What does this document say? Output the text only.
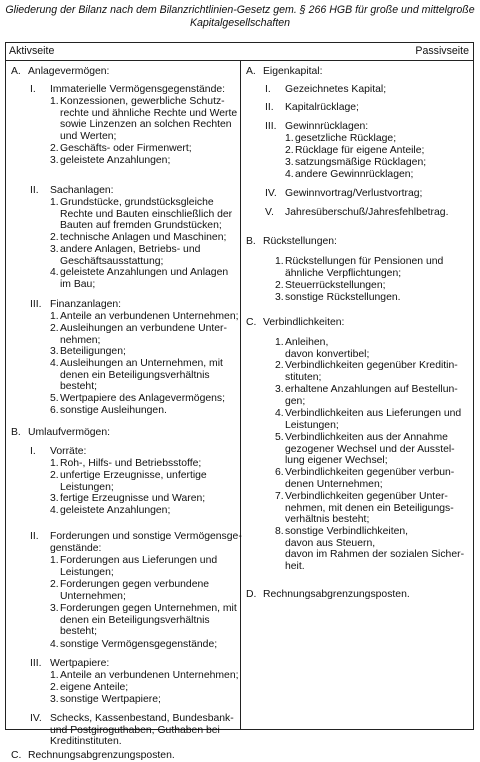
Gliederung der Bilanz nach dem Bilanzrichtlinien-Gesetz gem. § 266 HGB für große und mittelgroße
Kapitalgesellschaften
Aktivseite	Passivseite
A. Anlagevermögen:
I.	Immaterielle Vermögensgegenstände:
1. Konzessionen, gewerbliche Schutz-
rechte und ähnliche Rechte und Werte
sowie Linzenzen an solchen Rechten
und Werten;
2. Geschäfts- oder Firmenwert;
3. geleistete Anzahlungen;
II.	Sachanlagen:
1. Grundstücke, grundstücksgleiche
Rechte und Bauten einschließlich der
Bauten auf fremden Grundstücken;
2. technische Anlagen und Maschinen;
3. andere Anlagen, Betriebs- und
Geschäftsausstattung;
4. geleistete Anzahlungen und Anlagen
im Bau;
III. Finanzanlagen:
1. Anteile an verbundenen Unternehmen;
2. Ausleihungen an verbundene Unter-
nehmen;
3. Beteiligungen;
4. Ausleihungen an Unternehmen, mit
denen ein Beteiligungsverhältnis
besteht;
5. Wertpapiere des Anlagevermögens;
6. sonstige Ausleihungen.
B. Umlaufvermögen:
I.	Vorräte:
1. Roh-, Hilfs- und Betriebsstoffe;
2. unfertige Erzeugnisse, unfertige
Leistungen;
3. fertige Erzeugnisse und Waren;
4. geleistete Anzahlungen;
II.	Forderungen und sonstige Vermögensge-
genstände:
1. Forderungen aus Lieferungen und
Leistungen;
2. Forderungen gegen verbundene
Unternehmen;
3. Forderungen gegen Unternehmen, mit
denen ein Beteiligungsverhältnis
besteht;
4. sonstige Vermögensgegenstände;
III. Wertpapiere:
1. Anteile an verbundenen Unternehmen;
2. eigene Anteile;
3. sonstige Wertpapiere;
IV. Schecks, Kassenbestand, Bundesbank-
und Postgiroguthaben, Guthaben bei
Kreditinstituten.
C. Rechnungsabgrenzungsposten.
A. Eigenkapital:
I.	Gezeichnetes Kapital;
II.	Kapitalrücklage;
III. Gewinnrücklagen:
1. gesetzliche Rücklage;
2. Rücklage für eigene Anteile;
3. satzungsmäßige Rücklagen;
4. andere Gewinnrücklagen;
IV. Gewinnvortrag/Verlustvortrag;
V.	Jahresüberschuß/Jahresfehlbetrag.
B. Rückstellungen:
1. Rückstellungen für Pensionen und
ähnliche Verpflichtungen;
2. Steuerrückstellungen;
3. sonstige Rückstellungen.
C. Verbindlichkeiten:
1. Anleihen,
davon konvertibel;
2. Verbindlichkeiten gegenüber Kreditin-
stituten;
3. erhaltene Anzahlungen auf Bestellun-
gen;
4. Verbindlichkeiten aus Lieferungen und
Leistungen;
5. Verbindlichkeiten aus der Annahme
gezogener Wechsel und der Ausstel-
lung eigener Wechsel;
6. Verbindlichkeiten gegenüber verbun-
denen Unternehmen;
7. Verbindlichkeiten gegenüber Unter-
nehmen, mit denen ein Beteiligungs-
verhältnis besteht;
8. sonstige Verbindlichkeiten,
davon aus Steuern,
davon im Rahmen der sozialen Sicher-
heit.
D. Rechnungsabgrenzungsposten.
